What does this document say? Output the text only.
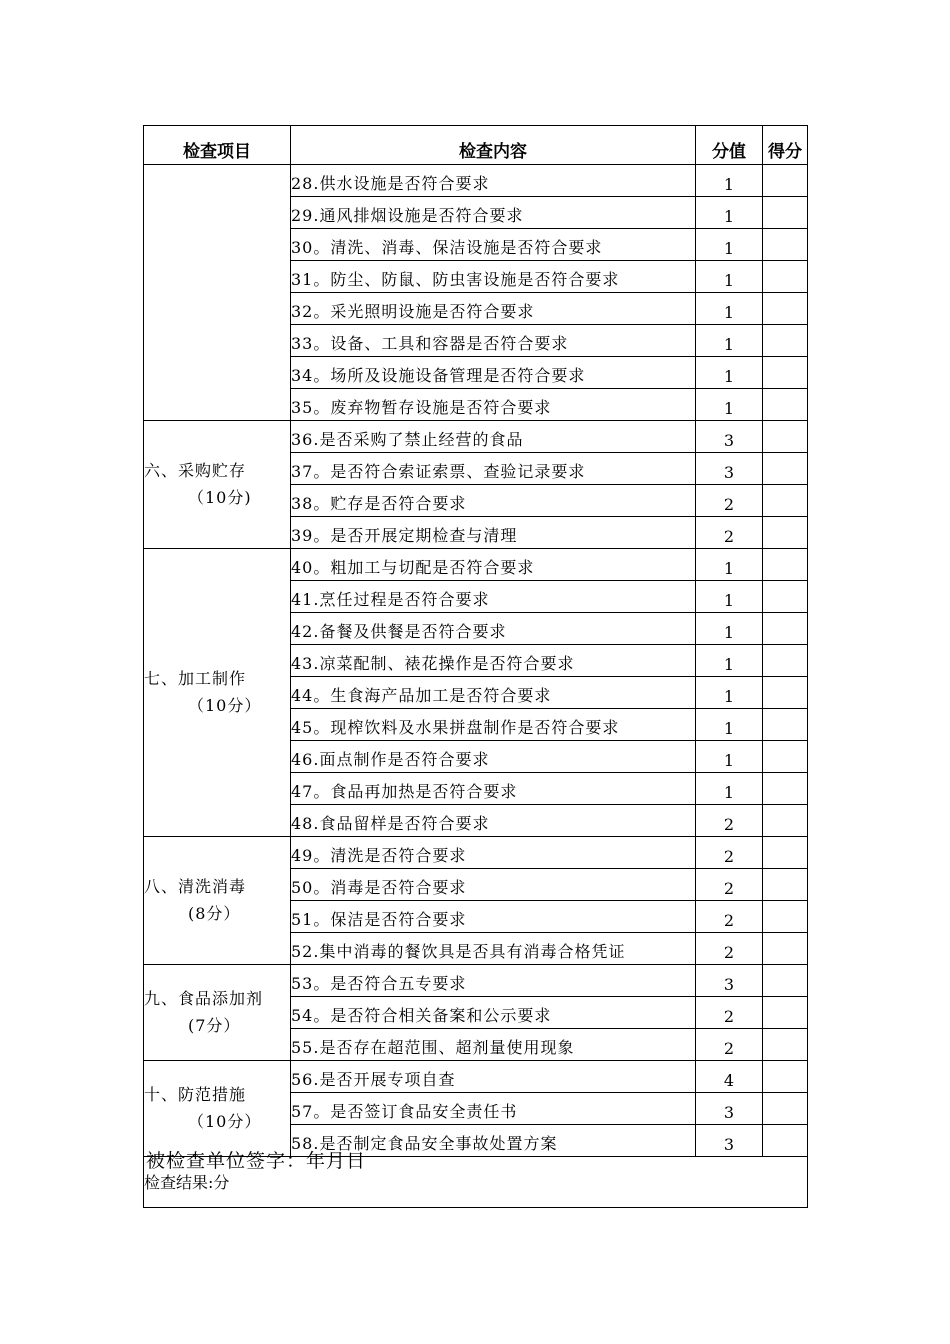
检查项目	检查内容	分值	得分

	28.供水设施是否符合要求	1	
	29.通风排烟设施是否符合要求	1	
	30。清洗、消毒、保洁设施是否符合要求	1	
	31。防尘、防鼠、防虫害设施是否符合要求	1	
	32。采光照明设施是否符合要求	1	
	33。设备、工具和容器是否符合要求	1	
	34。场所及设施设备管理是否符合要求	1	
	35。废弃物暂存设施是否符合要求	1	
六、采购贮存
（10分)	36.是否采购了禁止经营的食品	3	
	37。是否符合索证索票、查验记录要求	3	
	38。贮存是否符合要求	2	
	39。是否开展定期检查与清理	2	
七、加工制作
（10分）	40。粗加工与切配是否符合要求	1	
	41.烹任过程是否符合要求	1	
	42.备餐及供餐是否符合要求	1	
	43.凉菜配制、裱花操作是否符合要求	1	
	44。生食海产品加工是否符合要求	1	
	45。现榨饮料及水果拼盘制作是否符合要求	1	
	46.面点制作是否符合要求	1	
	47。食品再加热是否符合要求	1	
	48.食品留样是否符合要求	2	
八、清洗消毒
(8分）	49。清洗是否符合要求	2	
	50。消毒是否符合要求	2	
	51。保洁是否符合要求	2	
	52.集中消毒的餐饮具是否具有消毒合格凭证	2	
九、食品添加剂
(7分）	53。是否符合五专要求	3	
	54。是否符合相关备案和公示要求	2	
	55.是否存在超范围、超剂量使用现象	2	
十、防范措施
（10分）	56.是否开展专项自查	4	
	57。是否签订食品安全责任书	3	
	58.是否制定食品安全事故处置方案	3	
检查结果:分			
被检查单位签字：年月日
